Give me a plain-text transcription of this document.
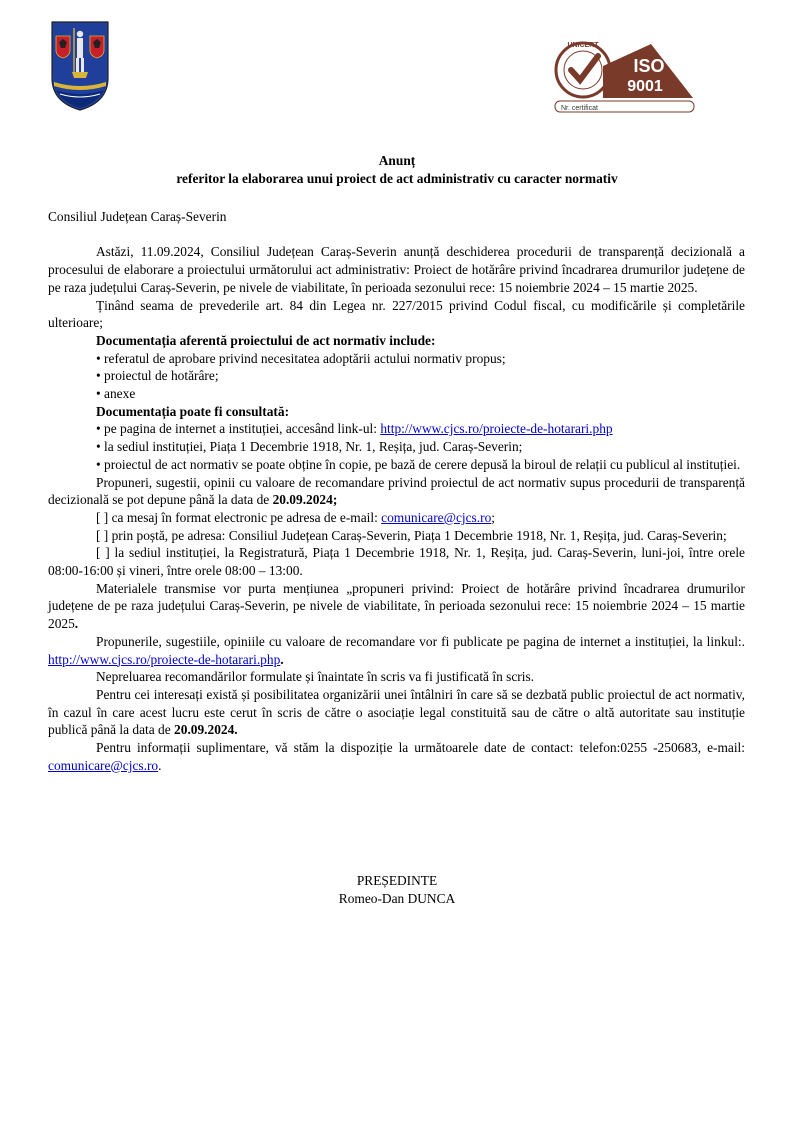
ISO
9001
UNICERT
Nr. certificat
Anunț
referitor la elaborarea unui proiect de act administrativ cu caracter normativ

Consiliul Județean Caraș-Severin

Astăzi, 11.09.2024, Consiliul Județean Caraș-Severin anunță deschiderea procedurii de transparență decizională a procesului de elaborare a proiectului următorului act administrativ: Proiect de hotărâre privind încadrarea drumurilor județene de pe raza județului Caraș-Severin, pe nivele de viabilitate, în perioada sezonului rece: 15 noiembrie 2024 – 15 martie 2025.

Ținând seama de prevederile art. 84 din Legea nr. 227/2015 privind Codul fiscal, cu modificările și completările ulterioare;

Documentația aferentă proiectului de act normativ include:

• referatul de aprobare privind necesitatea adoptării actului normativ propus;

• proiectul de hotărâre;

• anexe

Documentația poate fi consultată:

• pe pagina de internet a instituției, accesând link-ul: http://www.cjcs.ro/proiecte-de-hotarari.php

• la sediul instituției, Piața 1 Decembrie 1918, Nr. 1, Reșița, jud. Caraș-Severin;

• proiectul de act normativ se poate obține în copie, pe bază de cerere depusă la biroul de relații cu publicul al instituției.

Propuneri, sugestii, opinii cu valoare de recomandare privind proiectul de act normativ supus procedurii de transparență decizională se pot depune până la data de 20.09.2024;

[ ] ca mesaj în format electronic pe adresa de e-mail: comunicare@cjcs.ro;

[ ] prin poștă, pe adresa: Consiliul Județean Caraș-Severin, Piața 1 Decembrie 1918, Nr. 1, Reșița, jud. Caraș-Severin;

[ ] la sediul instituției, la Registratură, Piața 1 Decembrie 1918, Nr. 1, Reșița, jud. Caraș-Severin, luni-joi, între orele 08:00-16:00 și vineri, între orele 08:00 – 13:00.

Materialele transmise vor purta mențiunea „propuneri privind: Proiect de hotărâre privind încadrarea drumurilor județene de pe raza județului Caraș-Severin, pe nivele de viabilitate, în perioada sezonului rece: 15 noiembrie 2024 – 15 martie 2025.

Propunerile, sugestiile, opiniile cu valoare de recomandare vor fi publicate pe pagina de internet a instituției, la linkul:. http://www.cjcs.ro/proiecte-de-hotarari.php.

Nepreluarea recomandărilor formulate și înaintate în scris va fi justificată în scris.

Pentru cei interesați există și posibilitatea organizării unei întâlniri în care să se dezbată public proiectul de act normativ, în cazul în care acest lucru este cerut în scris de către o asociație legal constituită sau de către o altă autoritate sau instituție publică până la data de 20.09.2024.

Pentru informații suplimentare, vă stăm la dispoziție la următoarele date de contact: telefon:0255 -250683, e-mail: comunicare@cjcs.ro.

PREȘEDINTE
Romeo-Dan DUNCA
